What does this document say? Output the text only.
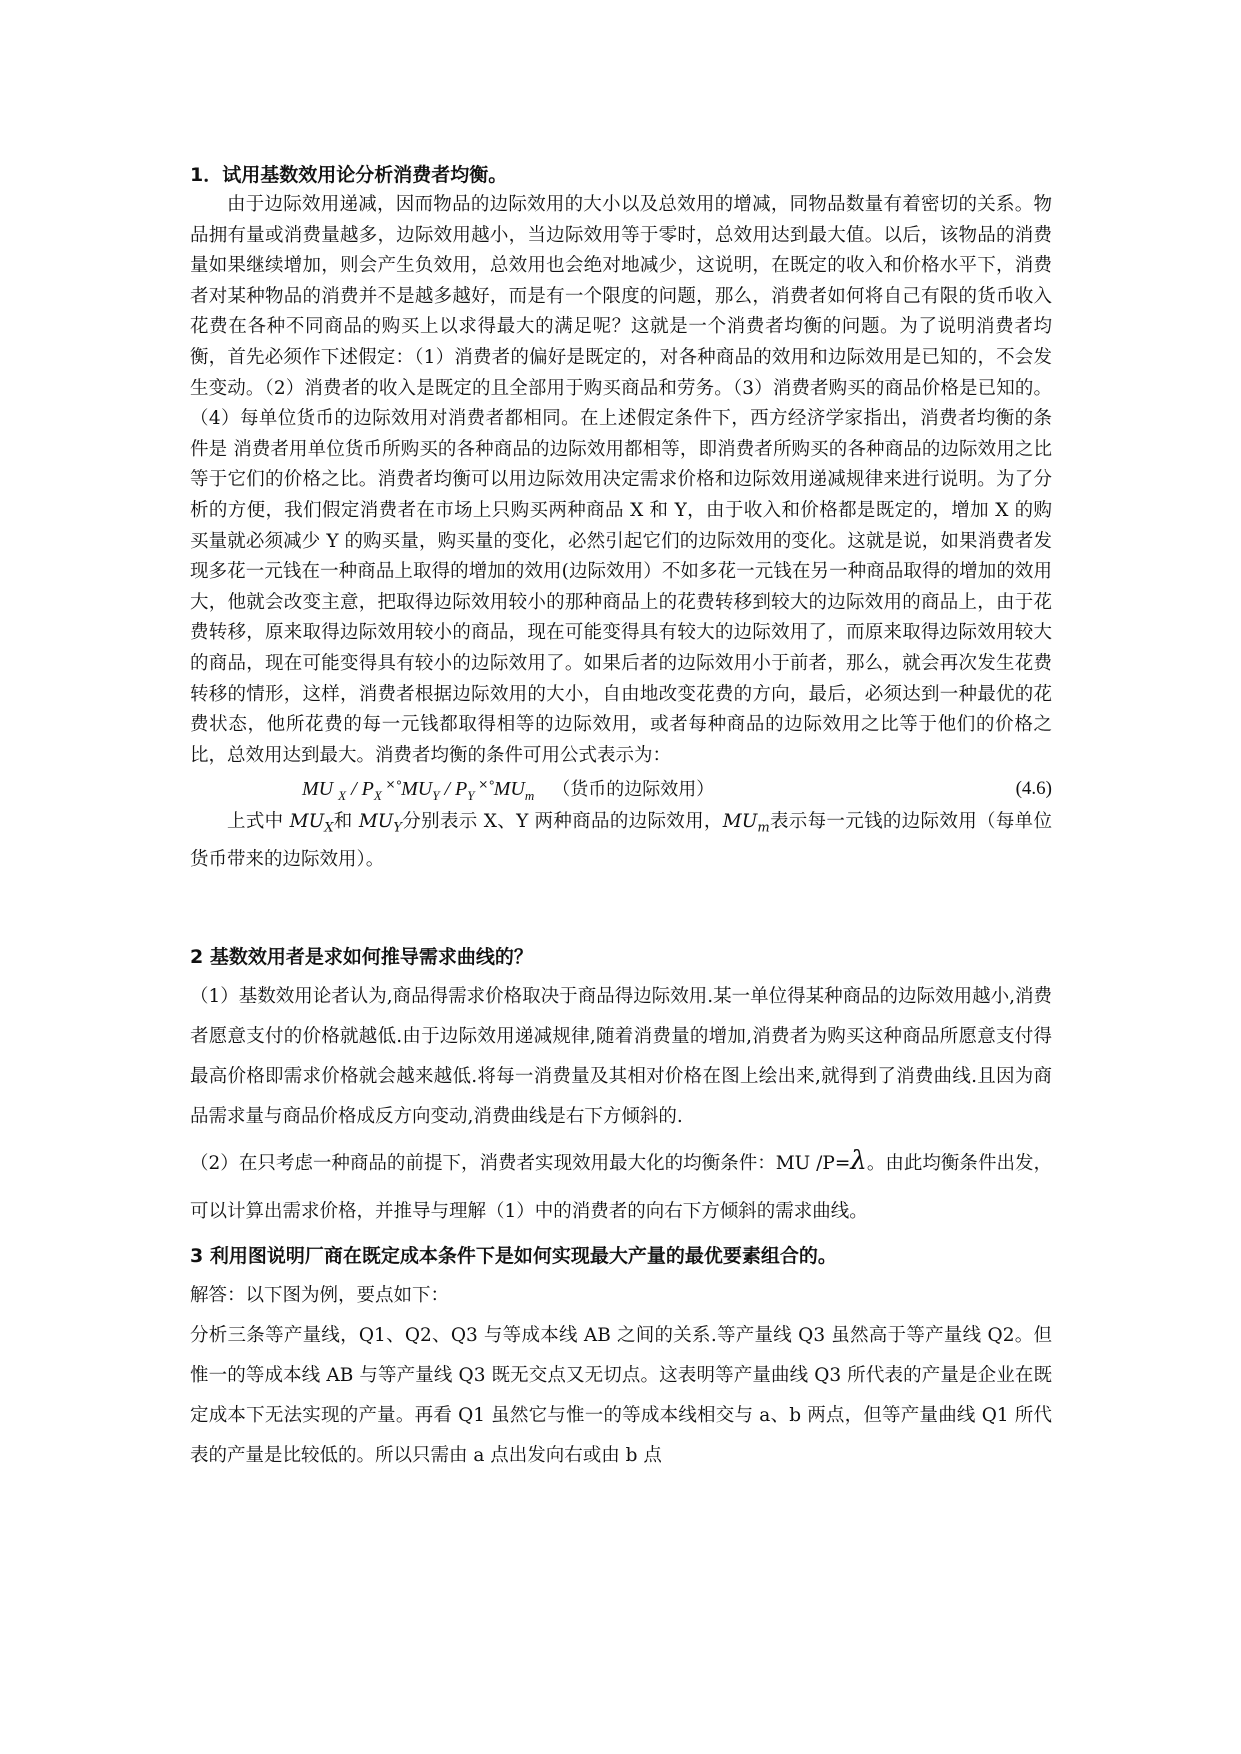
1．试用基数效用论分析消费者均衡。

由于边际效用递减，因而物品的边际效用的大小以及总效用的增减，同物品数量有着密切的关系。物品拥有量或消费量越多，边际效用越小，当边际效用等于零时，总效用达到最大值。以后，该物品的消费量如果继续增加，则会产生负效用，总效用也会绝对地减少，这说明，在既定的收入和价格水平下，消费者对某种物品的消费并不是越多越好，而是有一个限度的问题，那么，消费者如何将自己有限的货币收入花费在各种不同商品的购买上以求得最大的满足呢？这就是一个消费者均衡的问题。为了说明消费者均衡，首先必须作下述假定：（1）消费者的偏好是既定的，对各种商品的效用和边际效用是已知的，不会发生变动。（2）消费者的收入是既定的且全部用于购买商品和劳务。（3）消费者购买的商品价格是已知的。（4）每单位货币的边际效用对消费者都相同。在上述假定条件下，西方经济学家指出，消费者均衡的条件是 消费者用单位货币所购买的各种商品的边际效用都相等，即消费者所购买的各种商品的边际效用之比等于它们的价格之比。消费者均衡可以用边际效用决定需求价格和边际效用递减规律来进行说明。为了分析的方便，我们假定消费者在市场上只购买两种商品 X 和 Y，由于收入和价格都是既定的，增加 X 的购买量就必须减少 Y 的购买量，购买量的变化，必然引起它们的边际效用的变化。这就是说，如果消费者发现多花一元钱在一种商品上取得的增加的效用(边际效用）不如多花一元钱在另一种商品取得的增加的效用大，他就会改变主意，把取得边际效用较小的那种商品上的花费转移到较大的边际效用的商品上，由于花费转移，原来取得边际效用较小的商品，现在可能变得具有较大的边际效用了，而原来取得边际效用较大的商品，现在可能变得具有较小的边际效用了。如果后者的边际效用小于前者，那么，就会再次发生花费转移的情形，这样，消费者根据边际效用的大小，自由地改变花费的方向，最后，必须达到一种最优的花费状态，他所花费的每一元钱都取得相等的边际效用，或者每种商品的边际效用之比等于他们的价格之比，总效用达到最大。消费者均衡的条件可用公式表示为：

MU $_X / P_X$ $˟˚MU_Y / P_Y$ $˟˚MU_m$ （货币的边际效用）	(4.6)

上式中 $MU_X$和 $MU_Y$分别表示 X、Y 两种商品的边际效用，$MU_m$表示每一元钱的边际效用（每单位货币带来的边际效用）。

2 基数效用者是求如何推导需求曲线的？

（1）基数效用论者认为,商品得需求价格取决于商品得边际效用.某一单位得某种商品的边际效用越小,消费者愿意支付的价格就越低.由于边际效用递减规律,随着消费量的增加,消费者为购买这种商品所愿意支付得最高价格即需求价格就会越来越低.将每一消费量及其相对价格在图上绘出来,就得到了消费曲线.且因为商品需求量与商品价格成反方向变动,消费曲线是右下方倾斜的.

（2）在只考虑一种商品的前提下，消费者实现效用最大化的均衡条件：MU /P=λ。由此均衡条件出发，可以计算出需求价格，并推导与理解（1）中的消费者的向右下方倾斜的需求曲线。

3 利用图说明厂商在既定成本条件下是如何实现最大产量的最优要素组合的。

解答：以下图为例，要点如下：

分析三条等产量线，Q1、Q2、Q3 与等成本线 AB 之间的关系.等产量线 Q3 虽然高于等产量线 Q2。但惟一的等成本线 AB 与等产量线 Q3 既无交点又无切点。这表明等产量曲线 Q3 所代表的产量是企业在既定成本下无法实现的产量。再看 Q1 虽然它与惟一的等成本线相交与 a、b 两点，但等产量曲线 Q1 所代表的产量是比较低的。所以只需由 a 点出发向右或由 b 点
